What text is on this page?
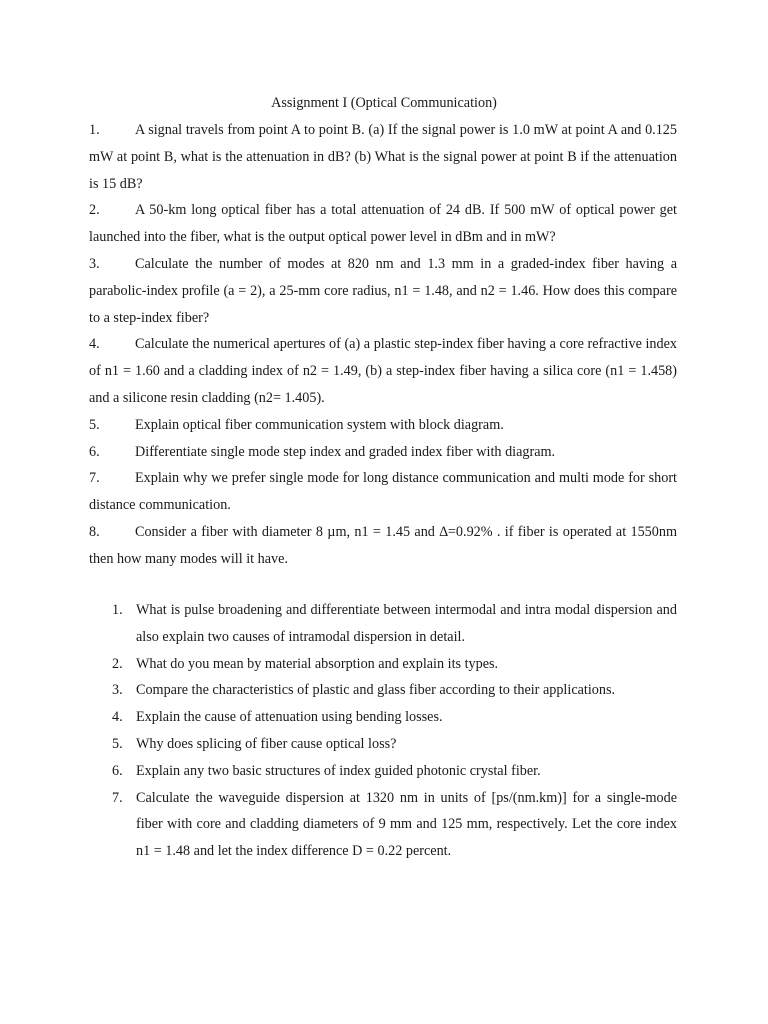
Assignment I (Optical Communication)
1. A signal travels from point A to point B. (a) If the signal power is 1.0 mW at point A and 0.125 mW at point B, what is the attenuation in dB? (b) What is the signal power at point B if the attenuation is 15 dB?
2. A 50-km long optical fiber has a total attenuation of 24 dB. If 500 mW of optical power get launched into the fiber, what is the output optical power level in dBm and in mW?
3. Calculate the number of modes at 820 nm and 1.3 mm in a graded-index fiber having a parabolic-index profile (a = 2), a 25-mm core radius, n1 = 1.48, and n2 = 1.46. How does this compare to a step-index fiber?
4. Calculate the numerical apertures of (a) a plastic step-index fiber having a core refractive index of n1 = 1.60 and a cladding index of n2 = 1.49, (b) a step-index fiber having a silica core (n1 = 1.458) and a silicone resin cladding (n2= 1.405).
5. Explain optical fiber communication system with block diagram.
6. Differentiate single mode step index and graded index fiber with diagram.
7. Explain why we prefer single mode for long distance communication and multi mode for short distance communication.
8. Consider a fiber with diameter 8 µm, n1 = 1.45 and ∆=0.92% . if fiber is operated at 1550nm then how many modes will it have.
1. What is pulse broadening and differentiate between intermodal and intra modal dispersion and also explain two causes of intramodal dispersion in detail.
2. What do you mean by material absorption and explain its types.
3. Compare the characteristics of plastic and glass fiber according to their applications.
4. Explain the cause of attenuation using bending losses.
5. Why does splicing of fiber cause optical loss?
6. Explain any two basic structures of index guided photonic crystal fiber.
7. Calculate the waveguide dispersion at 1320 nm in units of [ps/(nm.km)] for a single-mode fiber with core and cladding diameters of 9 mm and 125 mm, respectively. Let the core index n1 = 1.48 and let the index difference D = 0.22 percent.
